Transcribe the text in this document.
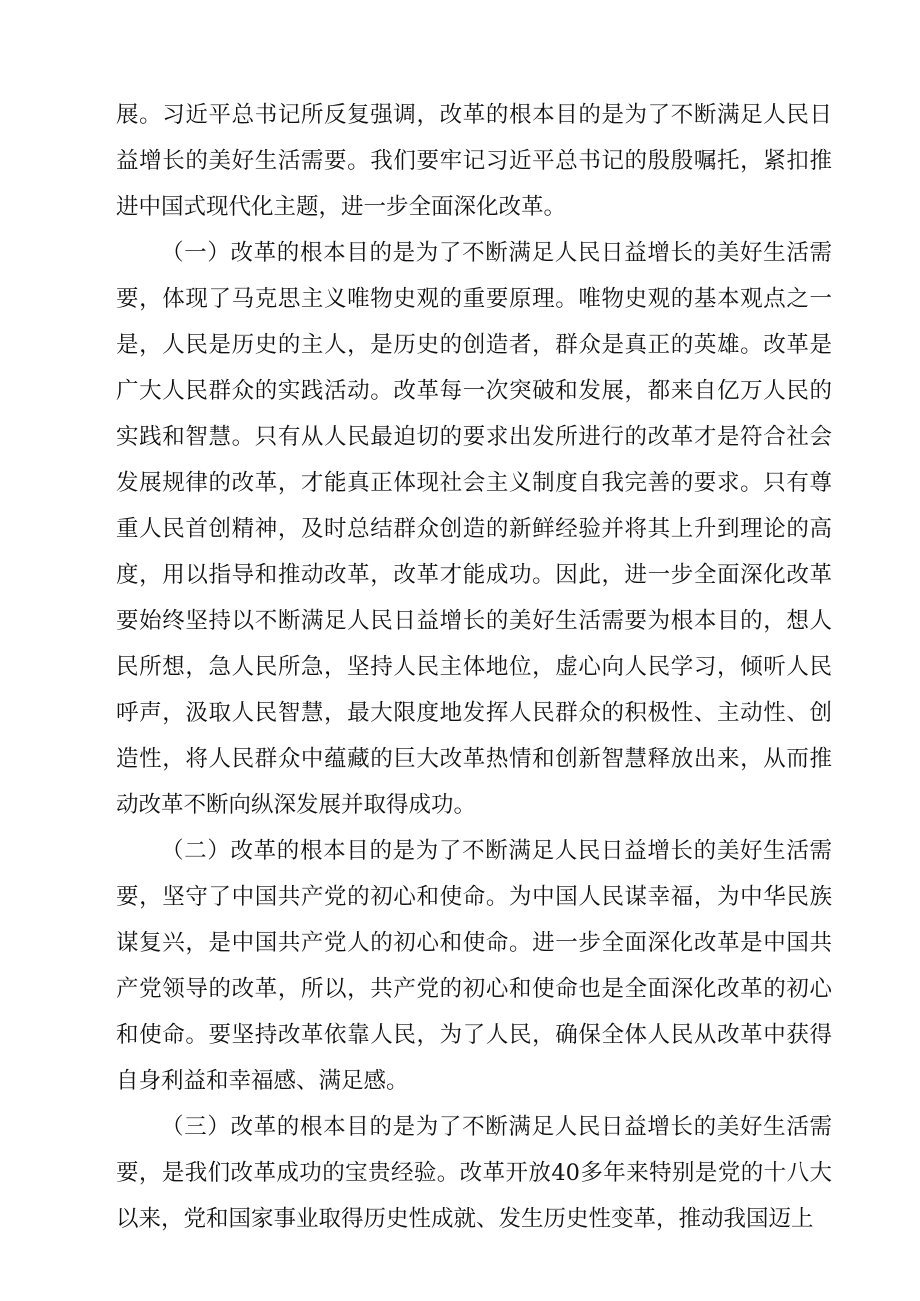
展。习近平总书记所反复强调，改革的根本目的是为了不断满足人民日益增长的美好生活需要。我们要牢记习近平总书记的殷殷嘱托，紧扣推进中国式现代化主题，进一步全面深化改革。

（一）改革的根本目的是为了不断满足人民日益增长的美好生活需要，体现了马克思主义唯物史观的重要原理。唯物史观的基本观点之一是，人民是历史的主人，是历史的创造者，群众是真正的英雄。改革是广大人民群众的实践活动。改革每一次突破和发展，都来自亿万人民的实践和智慧。只有从人民最迫切的要求出发所进行的改革才是符合社会发展规律的改革，才能真正体现社会主义制度自我完善的要求。只有尊重人民首创精神，及时总结群众创造的新鲜经验并将其上升到理论的高度，用以指导和推动改革，改革才能成功。因此，进一步全面深化改革要始终坚持以不断满足人民日益增长的美好生活需要为根本目的，想人民所想，急人民所急，坚持人民主体地位，虚心向人民学习，倾听人民呼声，汲取人民智慧，最大限度地发挥人民群众的积极性、主动性、创造性，将人民群众中蕴藏的巨大改革热情和创新智慧释放出来，从而推动改革不断向纵深发展并取得成功。

（二）改革的根本目的是为了不断满足人民日益增长的美好生活需要，坚守了中国共产党的初心和使命。为中国人民谋幸福，为中华民族谋复兴，是中国共产党人的初心和使命。进一步全面深化改革是中国共产党领导的改革，所以，共产党的初心和使命也是全面深化改革的初心和使命。要坚持改革依靠人民，为了人民，确保全体人民从改革中获得自身利益和幸福感、满足感。

（三）改革的根本目的是为了不断满足人民日益增长的美好生活需要，是我们改革成功的宝贵经验。改革开放40多年来特别是党的十八大以来，党和国家事业取得历史性成就、发生历史性变革，推动我国迈上
